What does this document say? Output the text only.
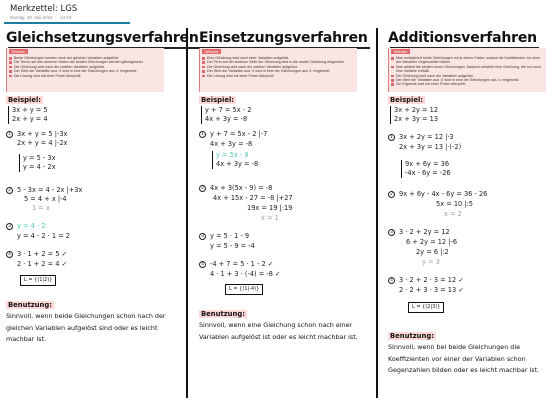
Merkzettel: LGS
Montag, 20. Mai 2024 13:19
Gleichsetzungsverfahren
Wissen
Beide Gleichungen werden nach der gleichen Variablen aufgelöst.
Die Terme auf den anderen Seiten der beiden Gleichungen werden gleichgesetzt.
Die Gleichung wird nach der zweiten Variablen aufgelöst.
Der Wert der Variablen aus ③ wird in eine der Gleichungen aus ① eingesetzt.
Die Lösung wird mit einer Probe überprüft.
Beispiel:
3x + y = 5
2x + y = 4
1 3x + y = 5 |-3x
2x + y = 4 |-2x
y = 5 - 3x
y = 4 - 2x
2 5 - 3x = 4 - 2x |+3x
5 = 4 + x |-4
1 = x
3 y = 4 - 2·
y = 4 - 2 · 1 = 2
4 3 · 1 + 2 = 5 ✓
2 · 1 + 2 = 4 ✓
L = {(1|2)}
Benutzung:
Sinnvoll, wenn beide Gleichungen schon nach der gleichen Variablen aufgelöst sind oder es leicht machbar ist.
Einsetzungsverfahren
Wissen
Eine Gleichung wird nach einer Variablen aufgelöst.
Der Term auf der anderen Seite der Gleichung wird in die zweite Gleichung eingesetzt.
Die Gleichung wird nach der zweiten Variablen aufgelöst.
Der Wert der Variablen aus ③ wird in eine der Gleichungen aus ① eingesetzt.
Die Lösung wird mit einer Probe überprüft.
Beispiel:
y + 7 = 5x - 2
4x + 3y = -8
1 y + 7 = 5x - 2 |-7
4x + 3y = -8
y = 5x - 9
4x + 3y = -8
2 4x + 3(5x - 9) = -8
4x + 15x - 27 = -8 |+27
19x = 19 |:19
x = 1
3 y = 5 · 1 - 9
y = 5 - 9 = -4
4 -4 + 7 = 5 · 1 - 2 ✓
4 · 1 + 3 · (-4) = -8 ✓
L = {(1|-4)}
Benutzung:
Sinnvoll, wenn eine Gleichung schon nach einer Variablen aufgelöst ist oder es leicht machbar ist.
Additionsverfahren
Wissen
Man multipliziert beide Gleichungen mit je einem Faktor, sodass die Koeffizienten vor einer der Variablen Gegenzahlen bilden.
Man addiert die beiden neuen Gleichungen. Dadurch entsteht eine Gleichung, die nur noch eine Variable enthält.
Die Gleichung wird nach der Variablen aufgelöst.
Der Wert der Variablen aus ③ wird in eine der Gleichungen aus ① eingesetzt.
Zur Ergebnis wird mit einer Probe überprüft.
Beispiel:
3x + 2y = 12
2x + 3y = 13
1 3x + 2y = 12 |·3
2x + 3y = 13 |·(-2)
9x + 6y = 36
-4x - 6y = -26
2 9x + 6y - 4x - 6y = 36 - 26
5x = 10 |:5
x = 2
3 3 · 2 + 2y = 12
6 + 2y = 12 |-6
2y = 6 |:2
y = 3
4 3 · 2 + 2 · 3 = 12 ✓
2 · 2 + 3 · 3 = 13 ✓
L = {(2|3)}
Benutzung:
Sinnvoll, wenn bei beide Gleichungen die Koeffizienten vor einer der Variablen schon Gegenzahlen bilden oder es leicht machbar ist.
